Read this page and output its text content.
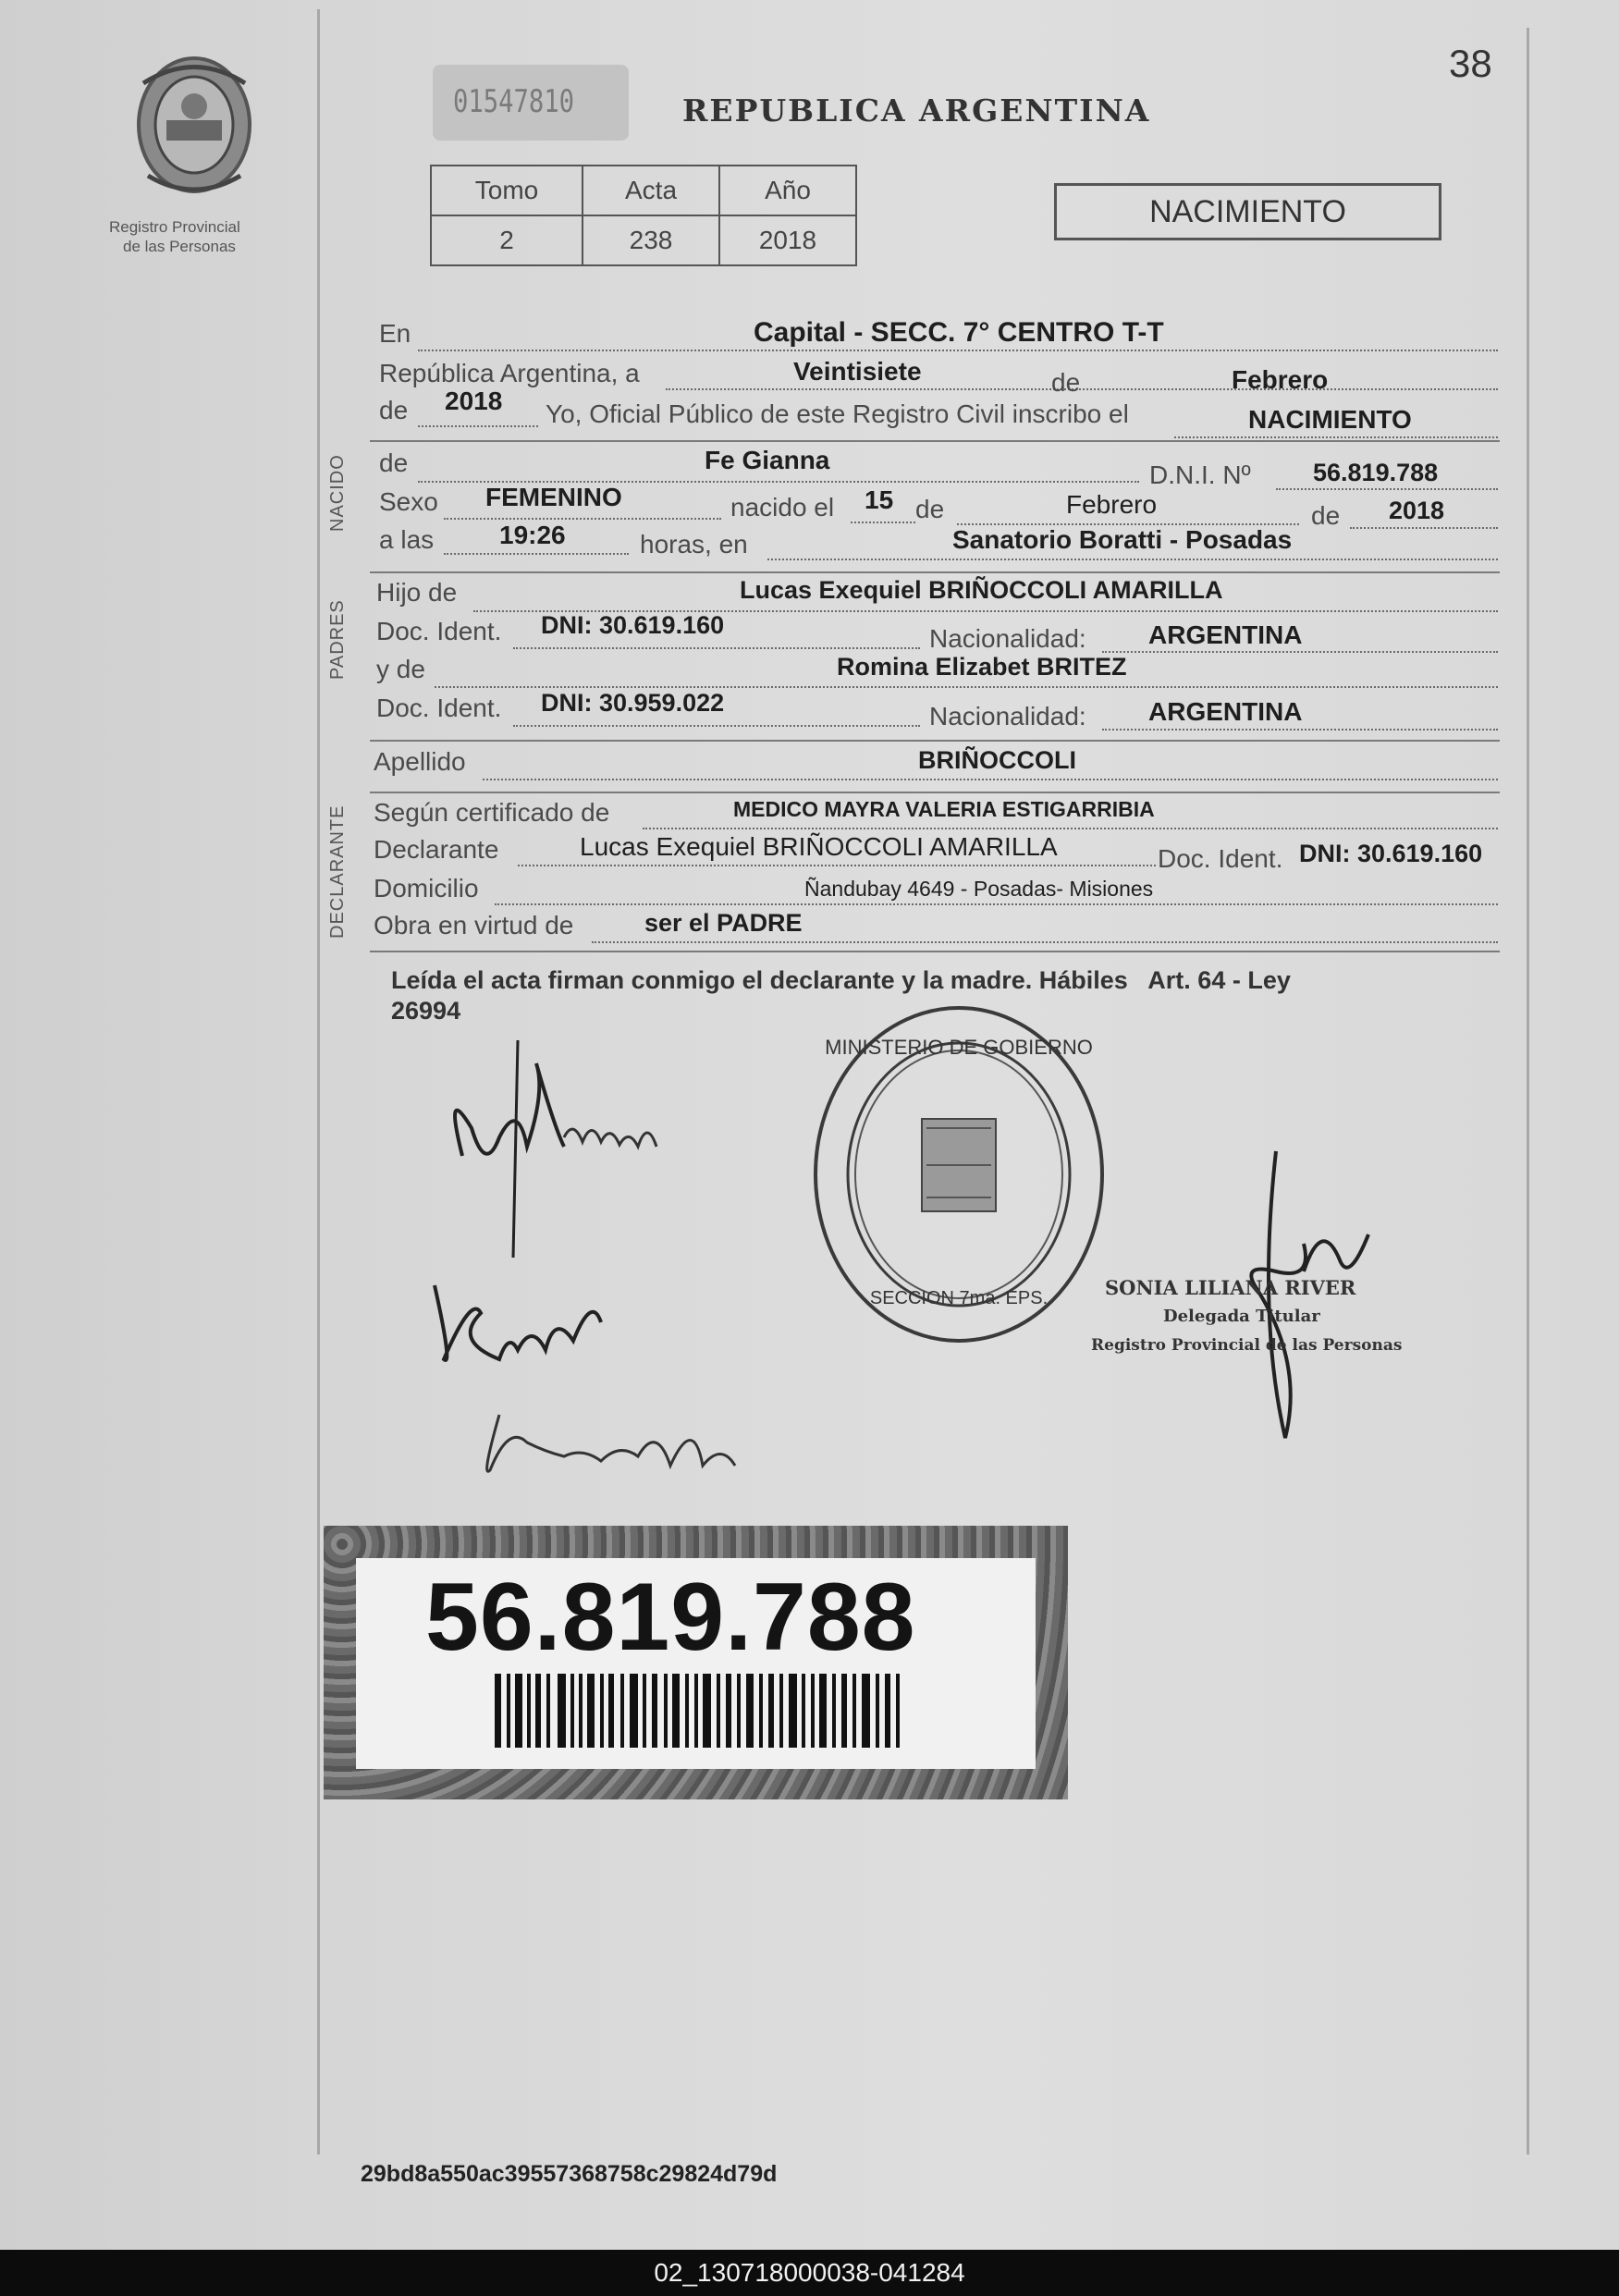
38
Registro Provincial
de las Personas
01547810	REPUBLICA ARGENTINA
Tomo	Acta	Año
2	238	2018
NACIMIENTO
En	Capital - SECC. 7° CENTRO T-T
República Argentina, a	Veintisiete	de	Febrero
de 2018 Yo, Oficial Público de este Registro Civil inscribo el	NACIMIENTO
NACIDO de	Fe Gianna
D.N.I. Nº 56.819.788
Sexo FEMENINO	nacido el 15 de	Febrero	de 2018
a las	19:26	horas, en	Sanatorio Boratti - Posadas
PADRES
Hijo de	Lucas Exequiel BRIÑOCCOLI AMARILLA
Doc. Ident. DNI: 30.619.160	Nacionalidad: ARGENTINA
y de	Romina Elizabet BRITEZ
Doc. Ident. DNI: 30.959.022	Nacionalidad: ARGENTINA
Apellido	BRIÑOCCOLI
DECLARANTE Según certificado de	MEDICO MAYRA VALERIA ESTIGARRIBIA
Declarante	Lucas Exequiel BRIÑOCCOLI AMARILLA	Doc. Ident. DNI: 30.619.160
Domicilio	Ñandubay 4649 - Posadas- Misiones
Obra en virtud de	ser el PADRE
Leída el acta firman conmigo el declarante y la madre. Hábiles   Art. 64 - Ley
26994
MINISTERIO DE GOBIERNO
SECCION 7ma. EPS.	SONIA LILIANA RIVER
Delegada Titular
Registro Provincial de las Personas
56.819.788
29bd8a550ac39557368758c29824d79d
02_130718000038-041284
